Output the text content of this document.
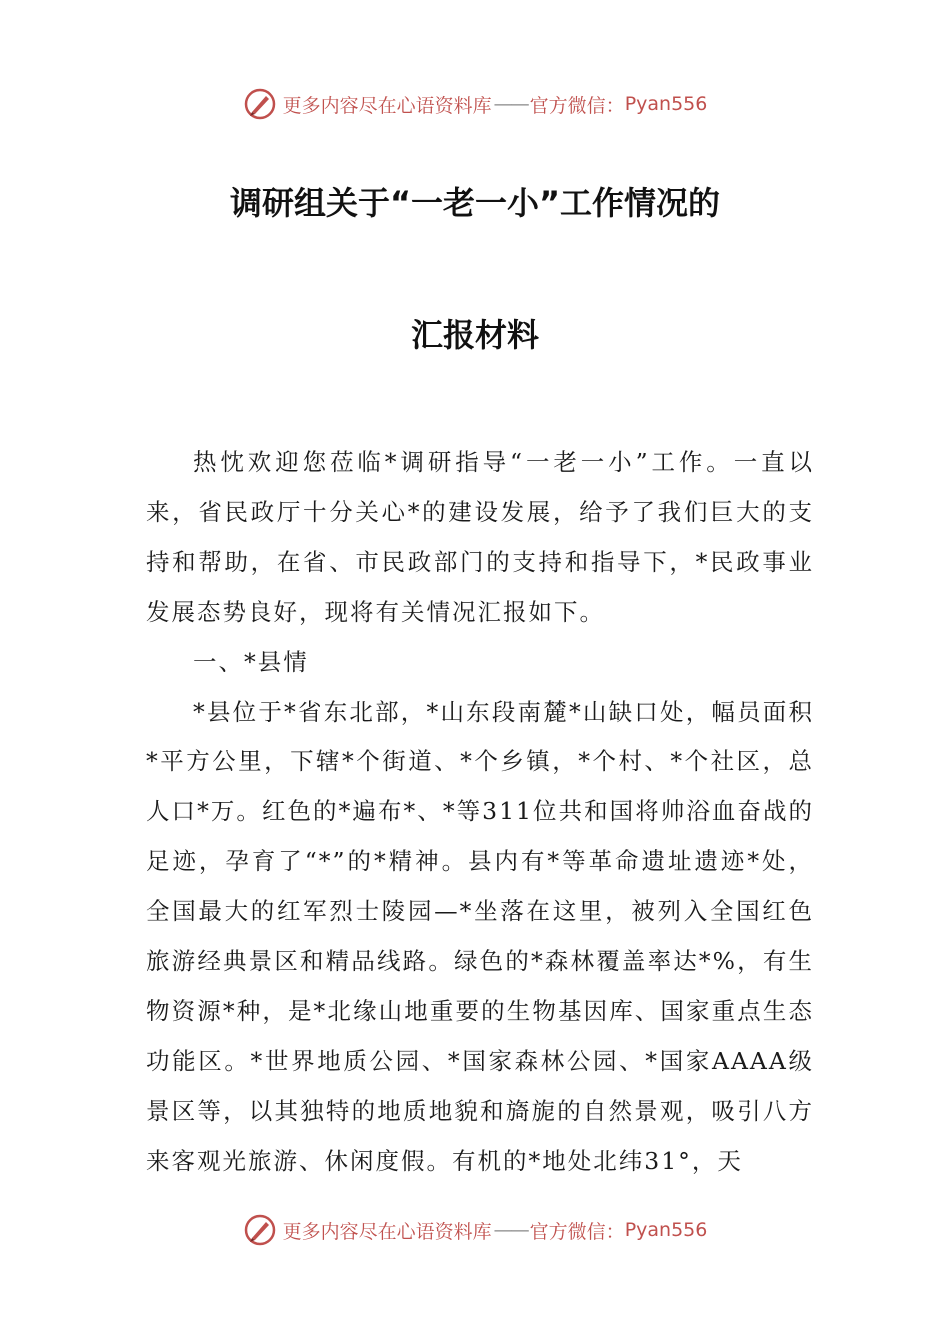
更多内容尽在心语资料库 —— 官方微信： Pyan556
调研组关于“一老一小”工作情况的
汇报材料

热忱欢迎您莅临*调研指导“一老一小”工作。一直以来，省民政厅十分关心*的建设发展，给予了我们巨大的支持和帮助，在省、市民政部门的支持和指导下，*民政事业发展态势良好，现将有关情况汇报如下。

一、*县情

*县位于*省东北部，*山东段南麓*山缺口处，幅员面积*平方公里，下辖*个街道、*个乡镇，*个村、*个社区，总人口*万。红色的*遍布*、*等311位共和国将帅浴血奋战的足迹，孕育了“*”的*精神。县内有*等革命遗址遗迹*处，全国最大的红军烈士陵园—*坐落在这里，被列入全国红色旅游经典景区和精品线路。绿色的*森林覆盖率达*%，有生物资源*种，是*北缘山地重要的生物基因库、国家重点生态功能区。*世界地质公园、*国家森林公园、*国家AAAA级景区等，以其独特的地质地貌和旖旎的自然景观，吸引八方来客观光旅游、休闲度假。有机的*地处北纬31°，天

更多内容尽在心语资料库 —— 官方微信： Pyan556
